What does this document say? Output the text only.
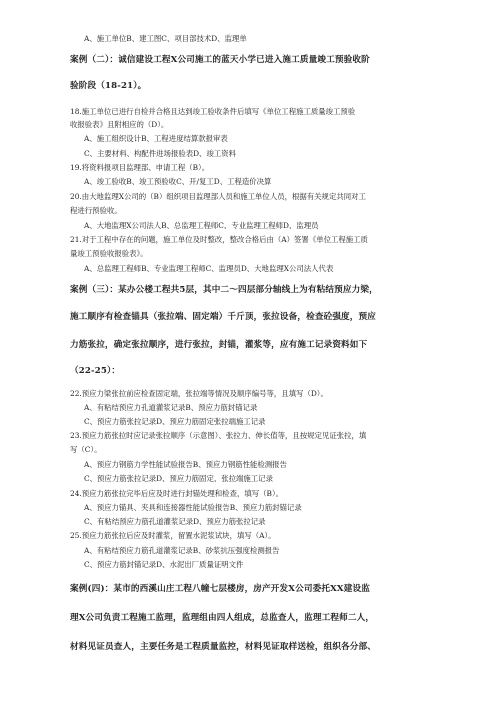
A、施工单位B、建工图C、项目部技术D、监理单
案例（二）：诚信建设工程X公司施工的蓝天小学已进入施工质量竣工预验收阶
验阶段（18-21）。
18.施工单位已进行自检并合格且达到竣工验收条件后填写《单位工程施工质量竣工预验
收报验表》且附相应的（D）。
A、施工组织设计B、工程进度结算款报审表
C、主要材料、构配件进场报验表D、竣工资料
19.将资料报项目监理部、申请工程（B）。
A、竣工验收B、竣工预验收C、开/复工D、工程造价决算
20.由大地监理X公司的（B）组织项目监理部人员和施工单位人员，根据有关规定共同对工
程进行预验收。
A、大地监理X公司法人B、总监理工程师C、专业监理工程师D、监理员
21.对于工程中存在的问题，施工单位及时整改，整改合格后由（A）签署《单位工程施工质
量竣工预验收报验表》。
A、总监理工程师B、专业监理工程师C、监理员D、大地监理X公司法人代表
案例（三）：某办公楼工程共5层，其中二～四层部分轴线上为有粘结预应力梁，
施工顺序有检查锚具（张拉端、固定端）千斤顶，张拉设备，检查砼强度，预应
力筋张拉，确定张拉顺序，进行张拉，封锚，灌浆等，应有施工记录资料如下
（22-25）：
22.预应力梁张拉前应检查固定端，张拉端等情况及顺序编号等，且填写（D）。
A、有粘结预应力孔道灌浆记录B、预应力筋封锚记录
C、预应力筋张拉记录D、预应力筋固定张拉端施工记录
23.预应力筋张拉时应记录张拉顺序（示意图）、张拉力、伸长值等，且按规定见证张拉，填
写（C）。
A、预应力钢筋力学性能试验报告B、预应力钢筋性能检测报告
C、预应力筋张拉记录D、预应力筋固定、张拉端施工记录
24.预应力筋张拉完毕后应及时进行封锚处理和检查，填写（B）。
A、预应力锚具、夹具和连接器性能试验报告B、预应力筋封锚记录
C、有粘结预应力筋孔道灌浆记录D、预应力筋张拉记录
25.预应力筋张拉后应及时灌浆，留置水泥浆试块，填写（A）。
A、有粘结预应力筋孔道灌浆记录B、砂浆抗压强度检测报告
C、预应力筋封锚记录D、水泥出厂质量证明文件
案例(四)：某市的西溪山庄工程八幢七层楼房，房产开发X公司委托XX建设监
理X公司负责工程施工监理，监理组由四人组成，总监查人，监理工程师二人，
材料见证员查人，主要任务是工程质量监控，材料见证取样送检，组织各分部、
